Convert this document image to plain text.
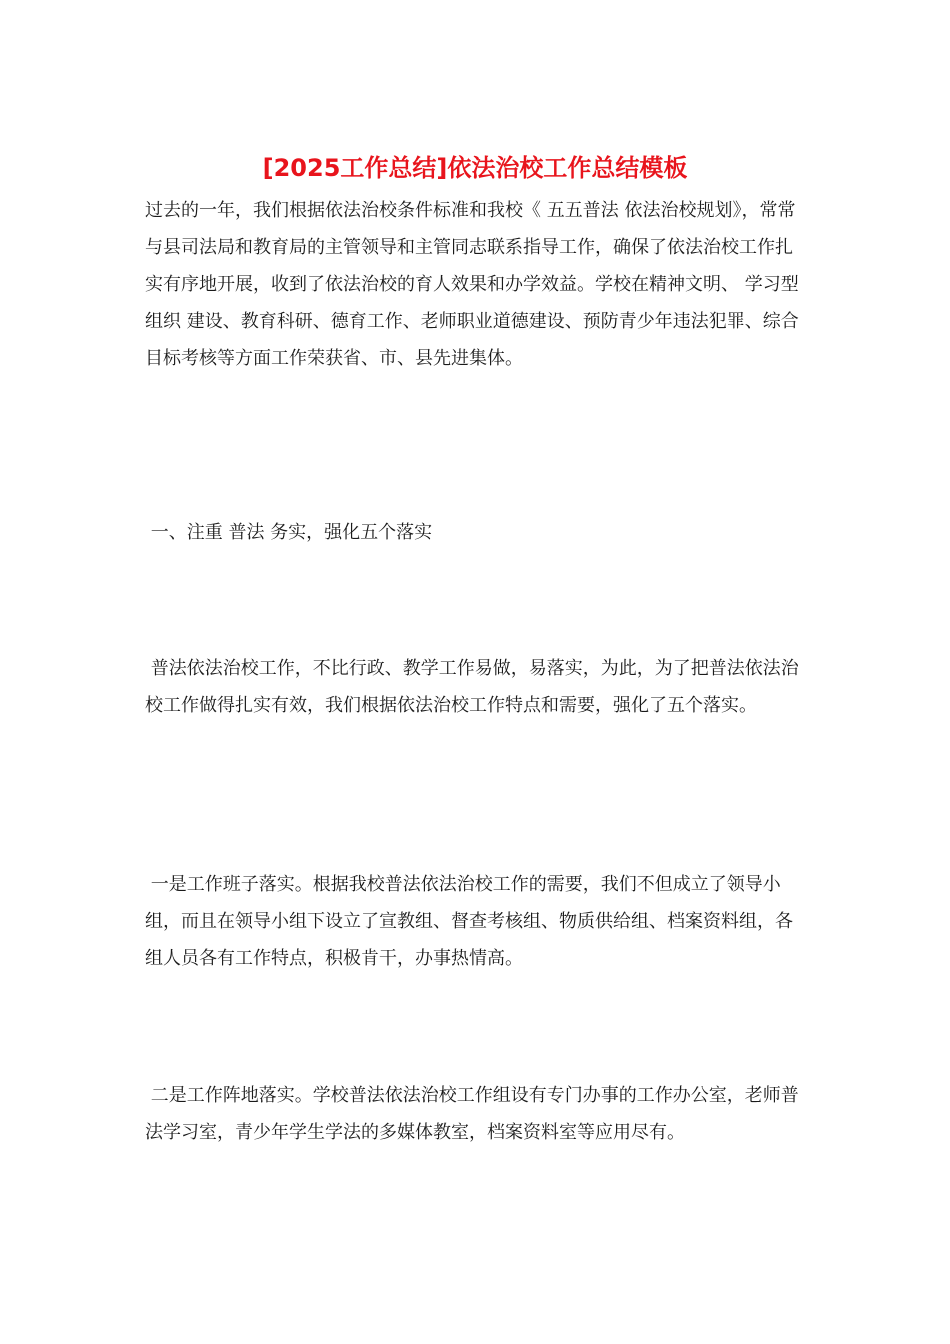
[2025工作总结]依法治校工作总结模板

过去的一年，我们根据依法治校条件标准和我校《 五五普法 依法治校规划》，常常与县司法局和教育局的主管领导和主管同志联系指导工作，确保了依法治校工作扎实有序地开展，收到了依法治校的育人效果和办学效益。学校在精神文明、 学习型组织 建设、教育科研、德育工作、老师职业道德建设、预防青少年违法犯罪、综合目标考核等方面工作荣获省、市、县先进集体。

一、注重 普法 务实，强化五个落实

普法依法治校工作，不比行政、教学工作易做，易落实，为此，为了把普法依法治校工作做得扎实有效，我们根据依法治校工作特点和需要，强化了五个落实。

一是工作班子落实。根据我校普法依法治校工作的需要，我们不但成立了领导小组，而且在领导小组下设立了宣教组、督查考核组、物质供给组、档案资料组，各组人员各有工作特点，积极肯干，办事热情高。

二是工作阵地落实。学校普法依法治校工作组设有专门办事的工作办公室，老师普法学习室，青少年学生学法的多媒体教室，档案资料室等应用尽有。
